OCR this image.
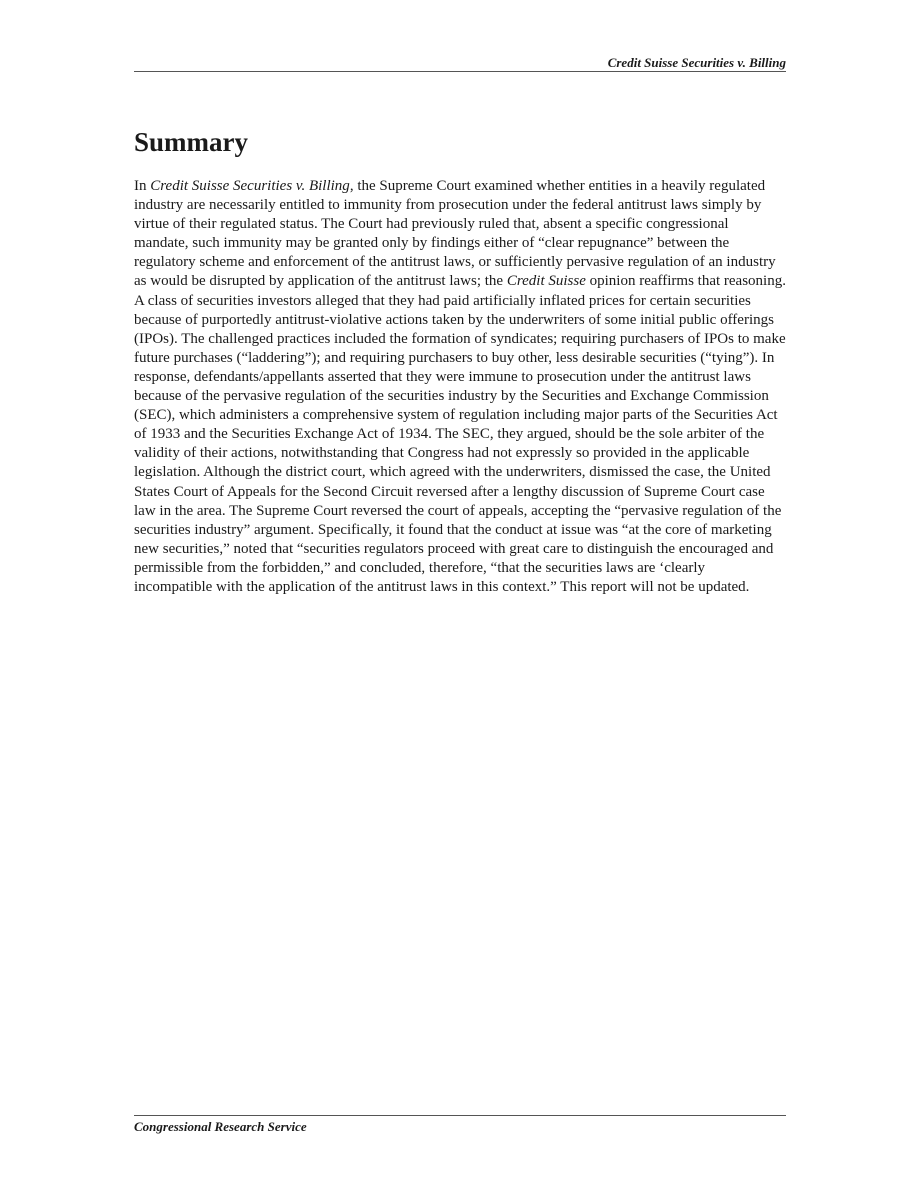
Credit Suisse Securities v. Billing
Summary

In Credit Suisse Securities v. Billing, the Supreme Court examined whether entities in a heavily regulated industry are necessarily entitled to immunity from prosecution under the federal antitrust laws simply by virtue of their regulated status. The Court had previously ruled that, absent a specific congressional mandate, such immunity may be granted only by findings either of “clear repugnance” between the regulatory scheme and enforcement of the antitrust laws, or sufficiently pervasive regulation of an industry as would be disrupted by application of the antitrust laws; the Credit Suisse opinion reaffirms that reasoning. A class of securities investors alleged that they had paid artificially inflated prices for certain securities because of purportedly antitrust-violative actions taken by the underwriters of some initial public offerings (IPOs). The challenged practices included the formation of syndicates; requiring purchasers of IPOs to make future purchases (“laddering”); and requiring purchasers to buy other, less desirable securities (“tying”). In response, defendants/appellants asserted that they were immune to prosecution under the antitrust laws because of the pervasive regulation of the securities industry by the Securities and Exchange Commission (SEC), which administers a comprehensive system of regulation including major parts of the Securities Act of 1933 and the Securities Exchange Act of 1934. The SEC, they argued, should be the sole arbiter of the validity of their actions, notwithstanding that Congress had not expressly so provided in the applicable legislation. Although the district court, which agreed with the underwriters, dismissed the case, the United States Court of Appeals for the Second Circuit reversed after a lengthy discussion of Supreme Court case law in the area. The Supreme Court reversed the court of appeals, accepting the “pervasive regulation of the securities industry” argument. Specifically, it found that the conduct at issue was “at the core of marketing new securities,” noted that “securities regulators proceed with great care to distinguish the encouraged and permissible from the forbidden,” and concluded, therefore, “that the securities laws are ‘clearly incompatible with the application of the antitrust laws in this context.” This report will not be updated.

Congressional Research Service
